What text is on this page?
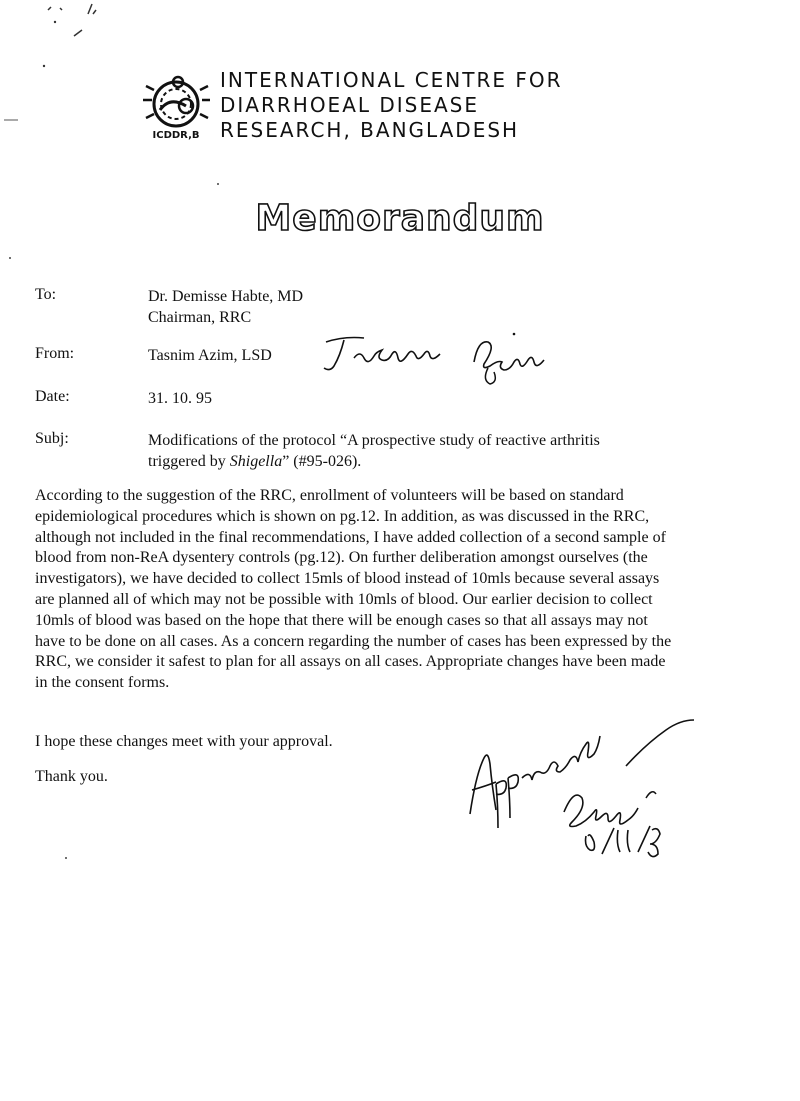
ICDDR,B
INTERNATIONAL CENTRE FOR
DIARRHOEAL DISEASE
RESEARCH, BANGLADESH
Memorandum
To:	Dr. Demisse Habte, MD
Chairman, RRC
From:	Tasnim Azim, LSD
Date:	31. 10. 95
Subj:	Modifications of the protocol “A prospective study of reactive arthritis
triggered by Shigella” (#95-026).
According to the suggestion of the RRC, enrollment of volunteers will be based on standard epidemiological procedures which is shown on pg.12. In addition, as was discussed in the RRC, although not included in the final recommendations, I have added collection of a second sample of blood from non-ReA dysentery controls (pg.12). On further deliberation amongst ourselves (the investigators), we have decided to collect 15mls of blood instead of 10mls because several assays are planned all of which may not be possible with 10mls of blood. Our earlier decision to collect 10mls of blood was based on the hope that there will be enough cases so that all assays may not have to be done on all cases. As a concern regarding the number of cases has been expressed by the RRC, we consider it safest to plan for all assays on all cases. Appropriate changes have been made in the consent forms.
I hope these changes meet with your approval.
Thank you.
